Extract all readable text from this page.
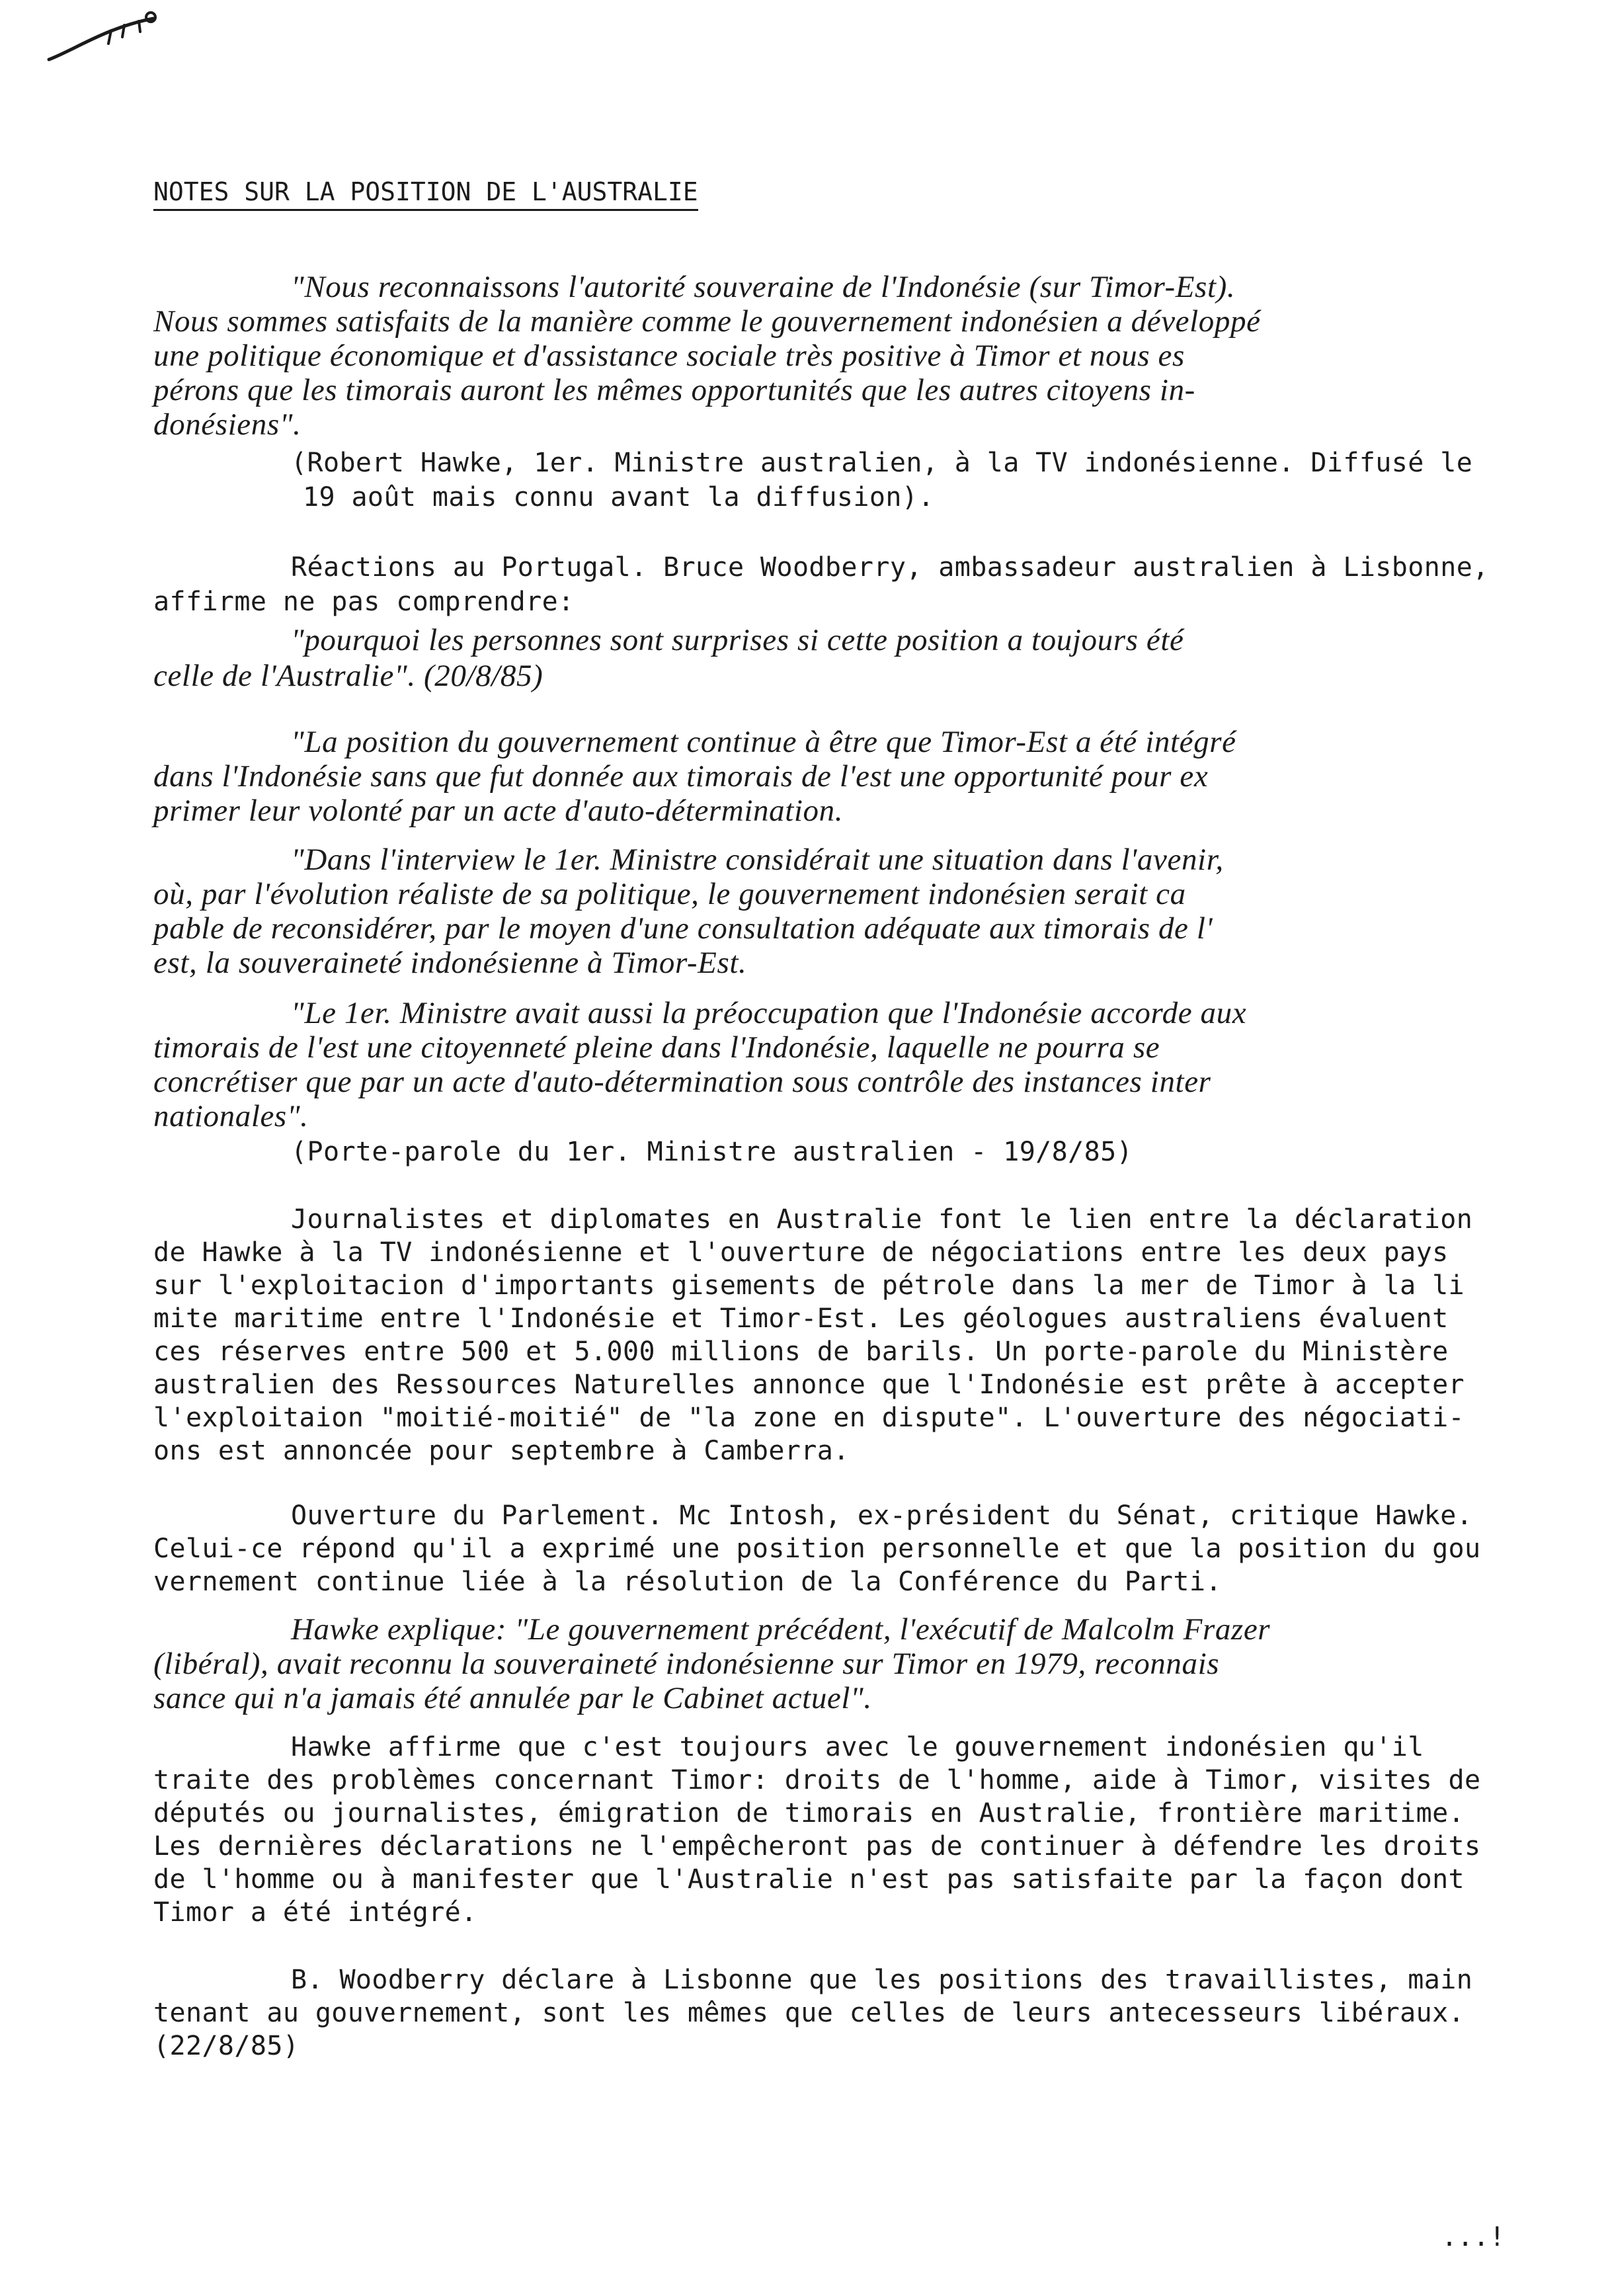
NOTES SUR LA POSITION DE L'AUSTRALIE
"Nous reconnaissons l'autorité souveraine de l'Indonésie (sur Timor-Est).
Nous sommes satisfaits de la manière comme le gouvernement indonésien a développé
une politique économique et d'assistance sociale très positive à Timor et nous es
pérons que les timorais auront les mêmes opportunités que les autres citoyens in-
donésiens".
(Robert Hawke, 1er. Ministre australien, à la TV indonésienne. Diffusé le
19 août mais connu avant la diffusion).
Réactions au Portugal. Bruce Woodberry, ambassadeur australien à Lisbonne,
affirme ne pas comprendre:
"pourquoi les personnes sont surprises si cette position a toujours été
celle de l'Australie". (20/8/85)
"La position du gouvernement continue à être que Timor-Est a été intégré
dans l'Indonésie sans que fut donnée aux timorais de l'est une opportunité pour ex
primer leur volonté par un acte d'auto-détermination.
"Dans l'interview le 1er. Ministre considérait une situation dans l'avenir,
où, par l'évolution réaliste de sa politique, le gouvernement indonésien serait ca
pable de reconsidérer, par le moyen d'une consultation adéquate aux timorais de l'
est, la souveraineté indonésienne à Timor-Est.
"Le 1er. Ministre avait aussi la préoccupation que l'Indonésie accorde aux
timorais de l'est une citoyenneté pleine dans l'Indonésie, laquelle ne pourra se
concrétiser que par un acte d'auto-détermination sous contrôle des instances inter
nationales".
(Porte-parole du 1er. Ministre australien - 19/8/85)
Journalistes et diplomates en Australie font le lien entre la déclaration
de Hawke à la TV indonésienne et l'ouverture de négociations entre les deux pays
sur l'exploitacion d'importants gisements de pétrole dans la mer de Timor à la li
mite maritime entre l'Indonésie et Timor-Est. Les géologues australiens évaluent
ces réserves entre 500 et 5.000 millions de barils. Un porte-parole du Ministère
australien des Ressources Naturelles annonce que l'Indonésie est prête à accepter
l'exploitaion "moitié-moitié" de "la zone en dispute". L'ouverture des négociati-
ons est annoncée pour septembre à Camberra.
Ouverture du Parlement. Mc Intosh, ex-président du Sénat, critique Hawke.
Celui-ce répond qu'il a exprimé une position personnelle et que la position du gou
vernement continue liée à la résolution de la Conférence du Parti.
Hawke explique: "Le gouvernement précédent, l'exécutif de Malcolm Frazer
(libéral), avait reconnu la souveraineté indonésienne sur Timor en 1979, reconnais
sance qui n'a jamais été annulée par le Cabinet actuel".
Hawke affirme que c'est toujours avec le gouvernement indonésien qu'il
traite des problèmes concernant Timor: droits de l'homme, aide à Timor, visites de
députés ou journalistes, émigration de timorais en Australie, frontière maritime.
Les dernières déclarations ne l'empêcheront pas de continuer à défendre les droits
de l'homme ou à manifester que l'Australie n'est pas satisfaite par la façon dont
Timor a été intégré.
B. Woodberry déclare à Lisbonne que les positions des travaillistes, main
tenant au gouvernement, sont les mêmes que celles de leurs antecesseurs libéraux.
(22/8/85)
...!
